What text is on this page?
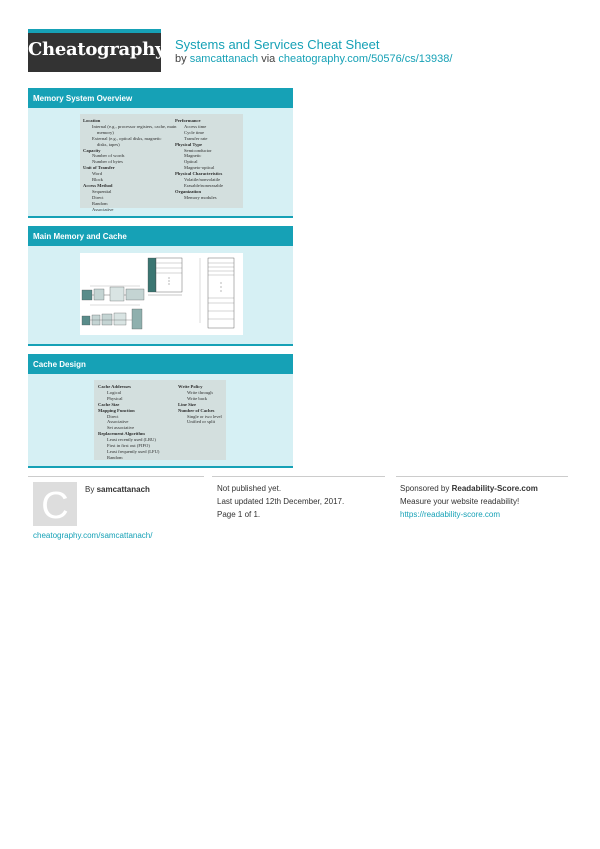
Cheatography Systems and Services Cheat Sheet
by samcattanach via cheatography.com/50576/cs/13938/
Memory System Overview
Location
Internal (e.g., processor registers, cache, main
memory)
External (e.g., optical disks, magnetic
disks, tapes)
Capacity
Number of words
Number of bytes
Unit of Transfer
Word
Block
Access Method
Sequential
Direct
Random
Associative
Performance
Access time
Cycle time
Transfer rate
Physical Type
Semiconductor
Magnetic
Optical
Magneto-optical
Physical Characteristics
Volatile/nonvolatile
Erasable/nonerasable
Organization
Memory modules
Main Memory and Cache
Cache Design
Cache Addresses
Logical
Physical
Cache Size
Mapping Function
Direct
Associative
Set associative
Replacement Algorithm
Least recently used (LRU)
First in first out (FIFO)
Least frequently used (LFU)
Random
Write Policy
Write through
Write back
Line Size
Number of Caches
Single or two level
Unified or split
C	By samcattanach
cheatography.com/samcattanach/
Not published yet.
Last updated 12th December, 2017.
Page 1 of 1.
Sponsored by Readability-Score.com
Measure your website readability!
https://readability-score.com
